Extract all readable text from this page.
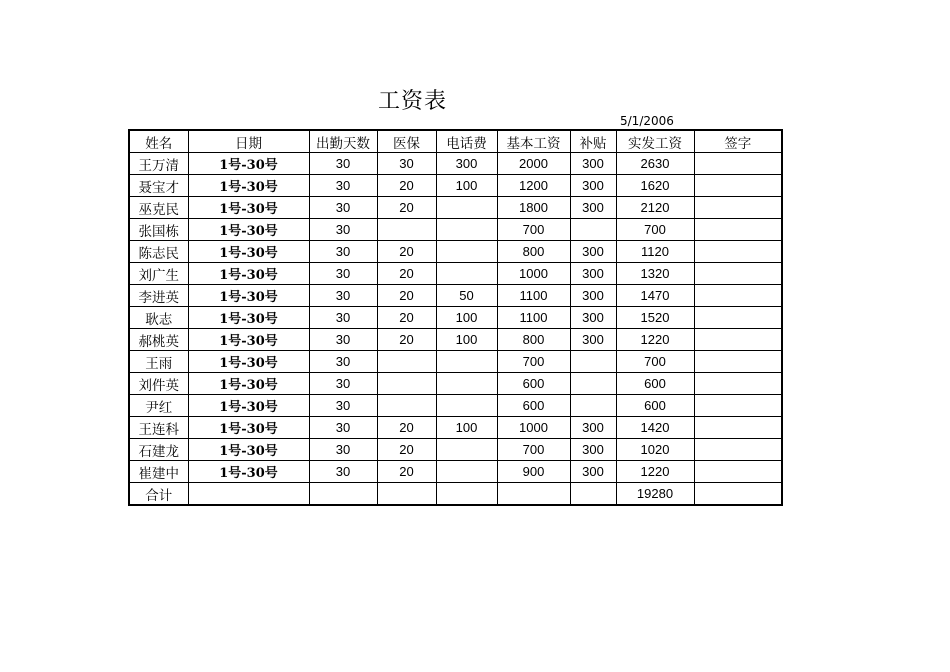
工资表
5/1/2006
姓名	日期	出勤天数	医保	电话费	基本工资	补贴	实发工资	签字
王万清	1号-30号	30	30	300	2000	300	2630	
聂宝才	1号-30号	30	20	100	1200	300	1620	
巫克民	1号-30号	30	20		1800	300	2120	
张国栋	1号-30号	30			700		700	
陈志民	1号-30号	30	20		800	300	1120	
刘广生	1号-30号	30	20		1000	300	1320	
李进英	1号-30号	30	20	50	1100	300	1470	
耿志	1号-30号	30	20	100	1100	300	1520	
郝桃英	1号-30号	30	20	100	800	300	1220	
王雨	1号-30号	30			700		700	
刘件英	1号-30号	30			600		600	
尹红	1号-30号	30			600		600	
王连科	1号-30号	30	20	100	1000	300	1420	
石建龙	1号-30号	30	20		700	300	1020	
崔建中	1号-30号	30	20		900	300	1220	
合计							19280	
